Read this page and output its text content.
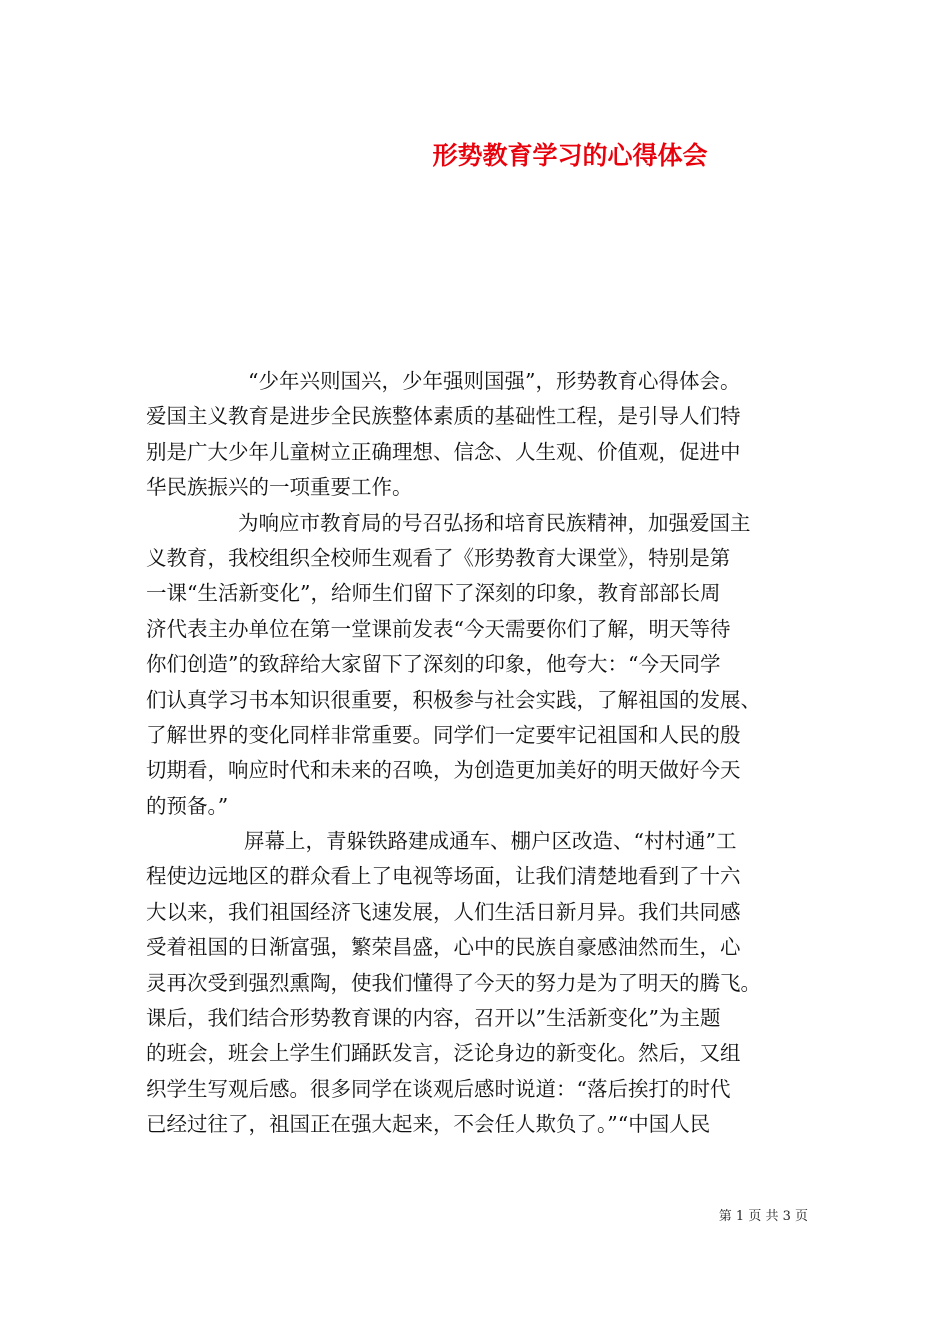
形势教育学习的心得体会
“少年兴则国兴，少年强则国强”，形势教育心得体会。
爱国主义教育是进步全民族整体素质的基础性工程，是引导人们特
别是广大少年儿童树立正确理想、信念、人生观、价值观，促进中
华民族振兴的一项重要工作。
为响应市教育局的号召弘扬和培育民族精神，加强爱国主
义教育，我校组织全校师生观看了《形势教育大课堂》，特别是第
一课“生活新变化”，给师生们留下了深刻的印象，教育部部长周
济代表主办单位在第一堂课前发表“今天需要你们了解，明天等待
你们创造”的致辞给大家留下了深刻的印象，他夸大：“今天同学
们认真学习书本知识很重要，积极参与社会实践，了解祖国的发展、
了解世界的变化同样非常重要。同学们一定要牢记祖国和人民的殷
切期看，响应时代和未来的召唤，为创造更加美好的明天做好今天
的预备。”
屏幕上，青躲铁路建成通车、棚户区改造、“村村通”工
程使边远地区的群众看上了电视等场面，让我们清楚地看到了十六
大以来，我们祖国经济飞速发展，人们生活日新月异。我们共同感
受着祖国的日渐富强，繁荣昌盛，心中的民族自豪感油然而生，心
灵再次受到强烈熏陶，使我们懂得了今天的努力是为了明天的腾飞。
课后，我们结合形势教育课的内容，召开以”生活新变化”为主题
的班会，班会上学生们踊跃发言，泛论身边的新变化。然后，又组
织学生写观后感。很多同学在谈观后感时说道：“落后挨打的时代
已经过往了，祖国正在强大起来，不会任人欺负了。”“中国人民
第 1 页 共 3 页
